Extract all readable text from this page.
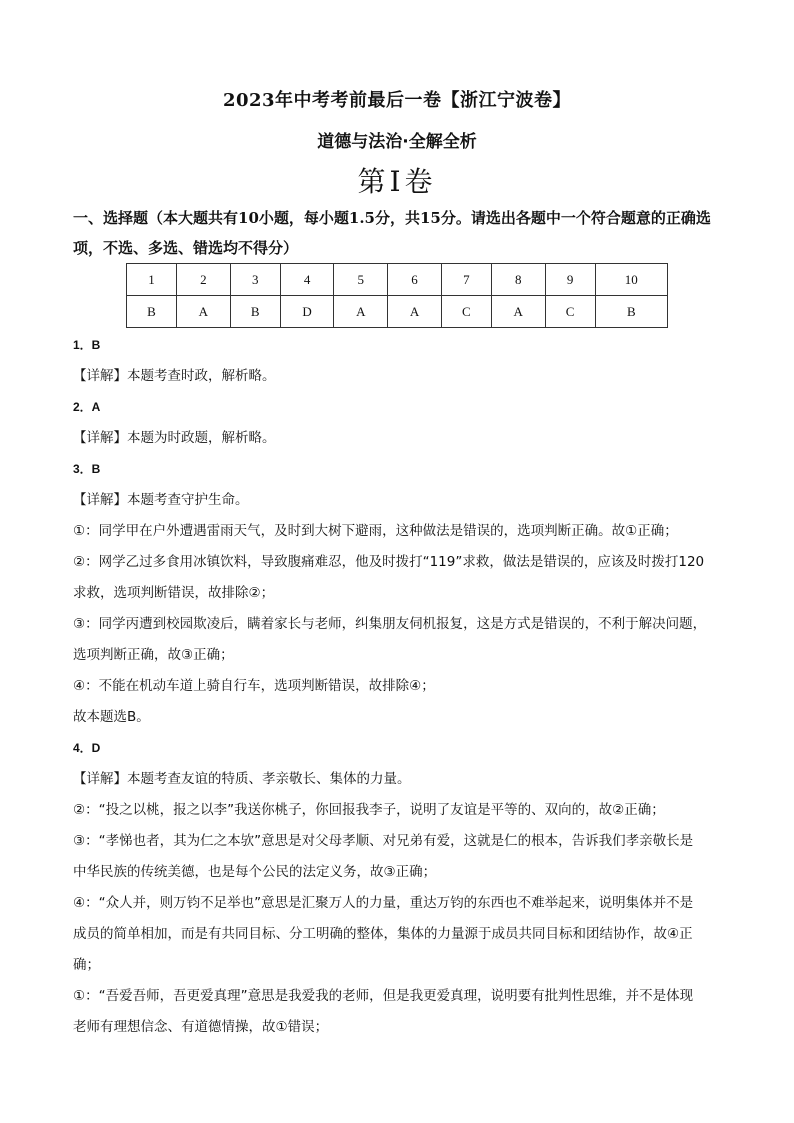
2023年中考考前最后一卷【浙江宁波卷】
道德与法治·全解全析
第Ⅰ卷
一、选择题（本大题共有10小题，每小题1.5分，共15分。请选出各题中一个符合题意的正确选项，不选、多选、错选均不得分）
1	2	3	4	5	6	7	8	9	10
B	A	B	D	A	A	C	A	C	B
1．B
【详解】本题考查时政，解析略。
2．A
【详解】本题为时政题，解析略。
3．B
【详解】本题考查守护生命。
①：同学甲在户外遭遇雷雨天气，及时到大树下避雨，这种做法是错误的，选项判断正确。故①正确；
②：网学乙过多食用冰镇饮料，导致腹痛难忍，他及时拨打“119”求救，做法是错误的，应该及时拨打120
求救，选项判断错误，故排除②；
③：同学丙遭到校园欺凌后，瞒着家长与老师，纠集朋友伺机报复，这是方式是错误的，不利于解决问题，
选项判断正确，故③正确；
④：不能在机动车道上骑自行车，选项判断错误，故排除④；
故本题选B。
4．D
【详解】本题考查友谊的特质、孝亲敬长、集体的力量。
②：“投之以桃，报之以李”我送你桃子，你回报我李子，说明了友谊是平等的、双向的，故②正确；
③：“孝悌也者，其为仁之本欤”意思是对父母孝顺、对兄弟有爱，这就是仁的根本，告诉我们孝亲敬长是
中华民族的传统美德，也是每个公民的法定义务，故③正确；
④：“众人并，则万钧不足举也”意思是汇聚万人的力量，重达万钧的东西也不难举起来，说明集体并不是
成员的简单相加，而是有共同目标、分工明确的整体，集体的力量源于成员共同目标和团结协作，故④正
确；
①：“吾爱吾师，吾更爱真理”意思是我爱我的老师，但是我更爱真理，说明要有批判性思维，并不是体现
老师有理想信念、有道德情操，故①错误；
